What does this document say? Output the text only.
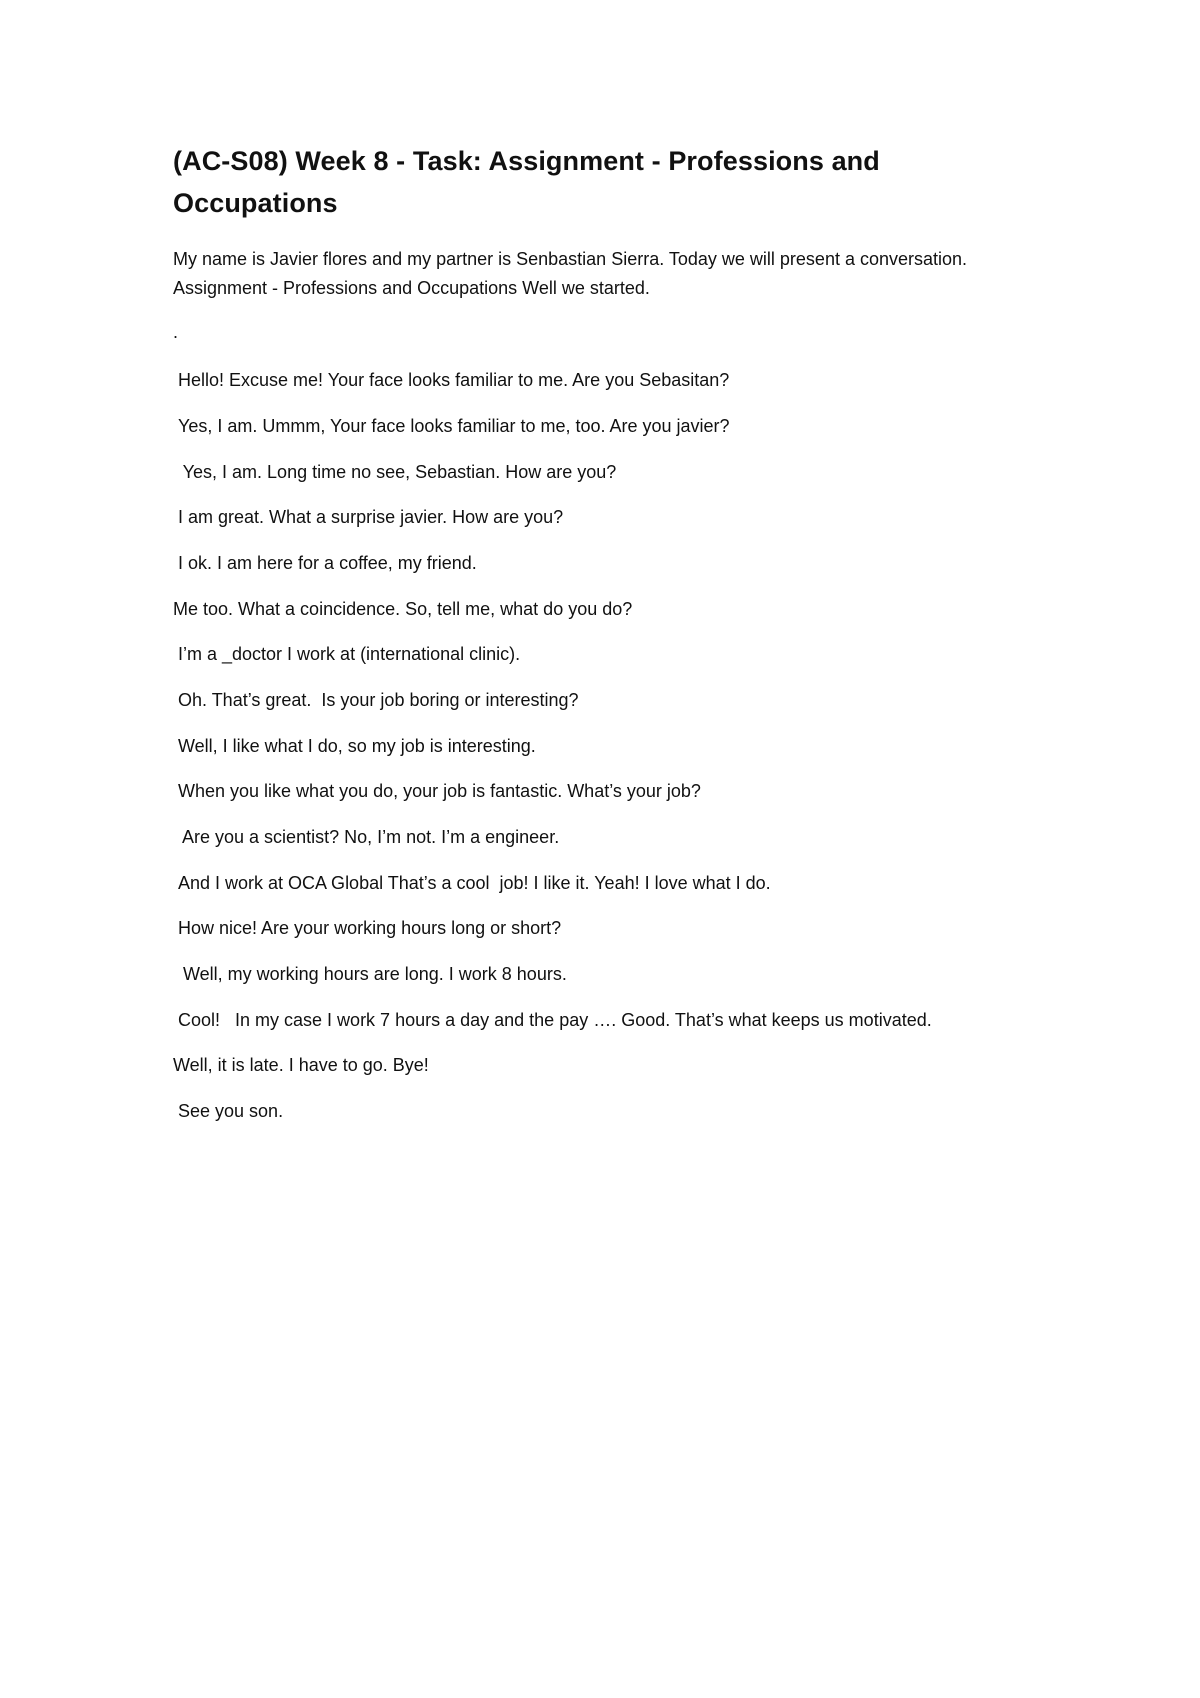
(AC-S08) Week 8 - Task: Assignment - Professions and Occupations

My name is Javier flores and my partner is Senbastian Sierra. Today we will present a conversation. Assignment - Professions and Occupations Well we started.

.

Hello! Excuse me! Your face looks familiar to me. Are you Sebasitan?

Yes, I am. Ummm, Your face looks familiar to me, too. Are you javier?

Yes, I am. Long time no see, Sebastian. How are you?

I am great. What a surprise javier. How are you?

I ok. I am here for a coffee, my friend.

Me too. What a coincidence. So, tell me, what do you do?

I’m a _doctor I work at (international clinic).

Oh. That’s great.  Is your job boring or interesting?

Well, I like what I do, so my job is interesting.

When you like what you do, your job is fantastic. What’s your job?

Are you a scientist? No, I’m not. I’m a engineer.

And I work at OCA Global That’s a cool  job! I like it. Yeah! I love what I do.

How nice! Are your working hours long or short?

Well, my working hours are long. I work 8 hours.

Cool!   In my case I work 7 hours a day and the pay …. Good. That’s what keeps us motivated.

Well, it is late. I have to go. Bye!

See you son.
